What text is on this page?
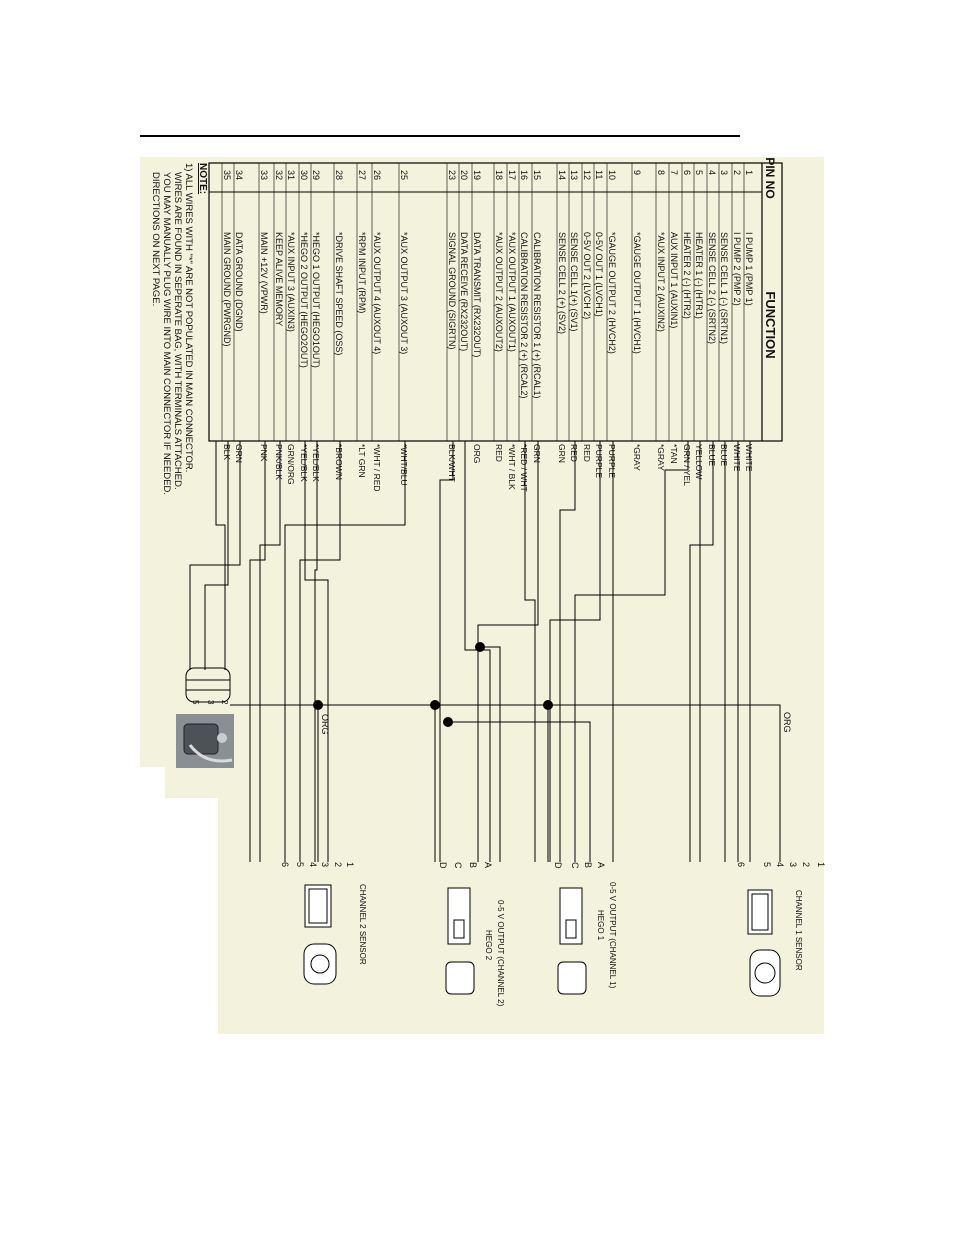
1
I PUMP 1 (PMP 1)
WHITE
2
I PUMP 2 (PMP 2)
WHITE
3
SENSE CELL 1 (-) (SRTN1)
BLUE
4
SENSE CELL 2 (-) (SRTN2)
BLUE
5
HEATER 1 (-) (HTR1)
YELLOW
6
HEATER 2 (-) (HTR2)
GRN / YEL
7
AUX INPUT 1 (AUXIN1)
*TAN
8
*AUX INPUT 2 (AUXIN2)
*GRAY
9
*GAUGE OUTPUT 1 (HVCH1)
*GRAY
10
*GAUGE OUTPUT 2 (HVCH2)
PURPLE
11
0-5V OUT 1 (LVCH1)
PURPLE
12
0-5V OUT 2 (LVCH 2)
RED
13
SENSE CELL 1(+) (SV1)
RED
14
SENSE CELL 2 (+) (SV2)
GRN
15
CALIBRATION RESISTOR 1 (+) (RCAL1)
GRN
16
CALIBRATION RESISTOR 2 (+) (RCAL2)
*RED / WHT
17
*AUX OUTPUT 1 (AUXOUT1)
*WHT / BLK
18
*AUX OUTPUT 2 (AUXOUT2)
RED
19
DATA TRANSMIT (RX232OUT)
ORG
20
DATA RECEIVE (RX232OUT)
23
SIGNAL GROUND (SIGRTN)
BLK/WHT
25
*AUX OUTPUT 3 (AUXOUT 3)
*WHT/BLU
26
*AUX OUTPUT 4 (AUXOUT 4)
*WHT / RED
27
*RPM INPUT (RPM)
*LT GRN
28
*DRIVE SHAFT SPEED (OSS)
*BROWN
29
*HEGO 1 OUTPUT (HEGO1OUT)
*YEL/BLK
30
*HEGO 2 OUTPUT (HEGO2OUT)
*YEL/BLK
31
*AUX INPUT 3 (AUXIN3)
GRN/ORG
32
KEEP ALIVE MEMORY
PNK/BLK
33
MAIN +12V (VPWR)
PNK
34
DATA GROUND (DGND)
GRN
35
MAIN GROUND (PWRGND)
BLK
PIN NO
FUNCTION
NOTE:
1) ALL WIRES WITH "*" ARE NOT POPULATED IN MAIN CONNECTOR.
WIRES ARE FOUND IN SEPERATE BAG, WITH TERMINALS ATTACHED.
YOU MAY MANUALLY PLUG WIRE INTO MAIN CONNECTOR IF NEEDED.
DIRECTIONS ON NEXT PAGE.
ORG
ORG
5 3 2
1
2
3
4
5
6
A
B
C
D
A
B
C
D
1
2
3
4
5
6
CHANNEL 1 SENSOR
0-5 V OUTPUT (CHANNEL 1)
HEGO 1
0-5 V OUTPUT (CHANNEL 2)
HEGO 2
CHANNEL 2 SENSOR
